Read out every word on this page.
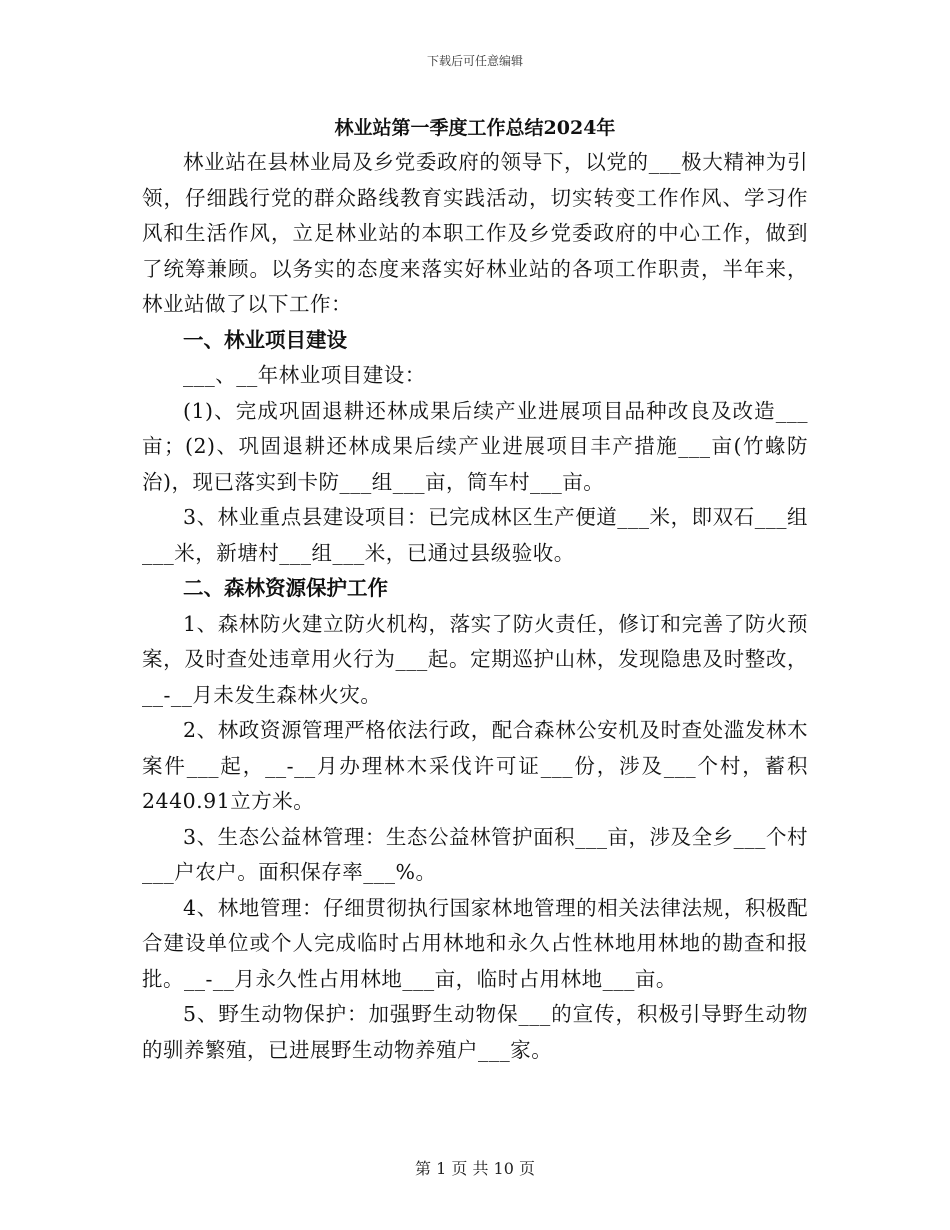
下载后可任意编辑
林业站第一季度工作总结2024年

林业站在县林业局及乡党委政府的领导下，以党的___极大精神为引领，仔细践行党的群众路线教育实践活动，切实转变工作作风、学习作风和生活作风，立足林业站的本职工作及乡党委政府的中心工作，做到了统筹兼顾。以务实的态度来落实好林业站的各项工作职责，半年来，林业站做了以下工作：

一、林业项目建设

___、__年林业项目建设：

(1)、完成巩固退耕还林成果后续产业进展项目品种改良及改造___亩；(2)、巩固退耕还林成果后续产业进展项目丰产措施___亩(竹蝝防治)，现已落实到卡防___组___亩，筒车村___亩。

3、林业重点县建设项目：已完成林区生产便道___米，即双石___组___米，新塘村___组___米，已通过县级验收。

二、森林资源保护工作

1、森林防火建立防火机构，落实了防火责任，修订和完善了防火预案，及时查处违章用火行为___起。定期巡护山林，发现隐患及时整改，__-__月未发生森林火灾。

2、林政资源管理严格依法行政，配合森林公安机及时查处滥发林木案件___起，__-__月办理林木采伐许可证___份，涉及___个村，蓄积2440.91立方米。

3、生态公益林管理：生态公益林管护面积___亩，涉及全乡___个村___户农户。面积保存率___%。

4、林地管理：仔细贯彻执行国家林地管理的相关法律法规，积极配合建设单位或个人完成临时占用林地和永久占性林地用林地的勘查和报批。__-__月永久性占用林地___亩，临时占用林地___亩。

5、野生动物保护：加强野生动物保___的宣传，积极引导野生动物的驯养繁殖，已进展野生动物养殖户___家。

第 1 页 共 10 页
